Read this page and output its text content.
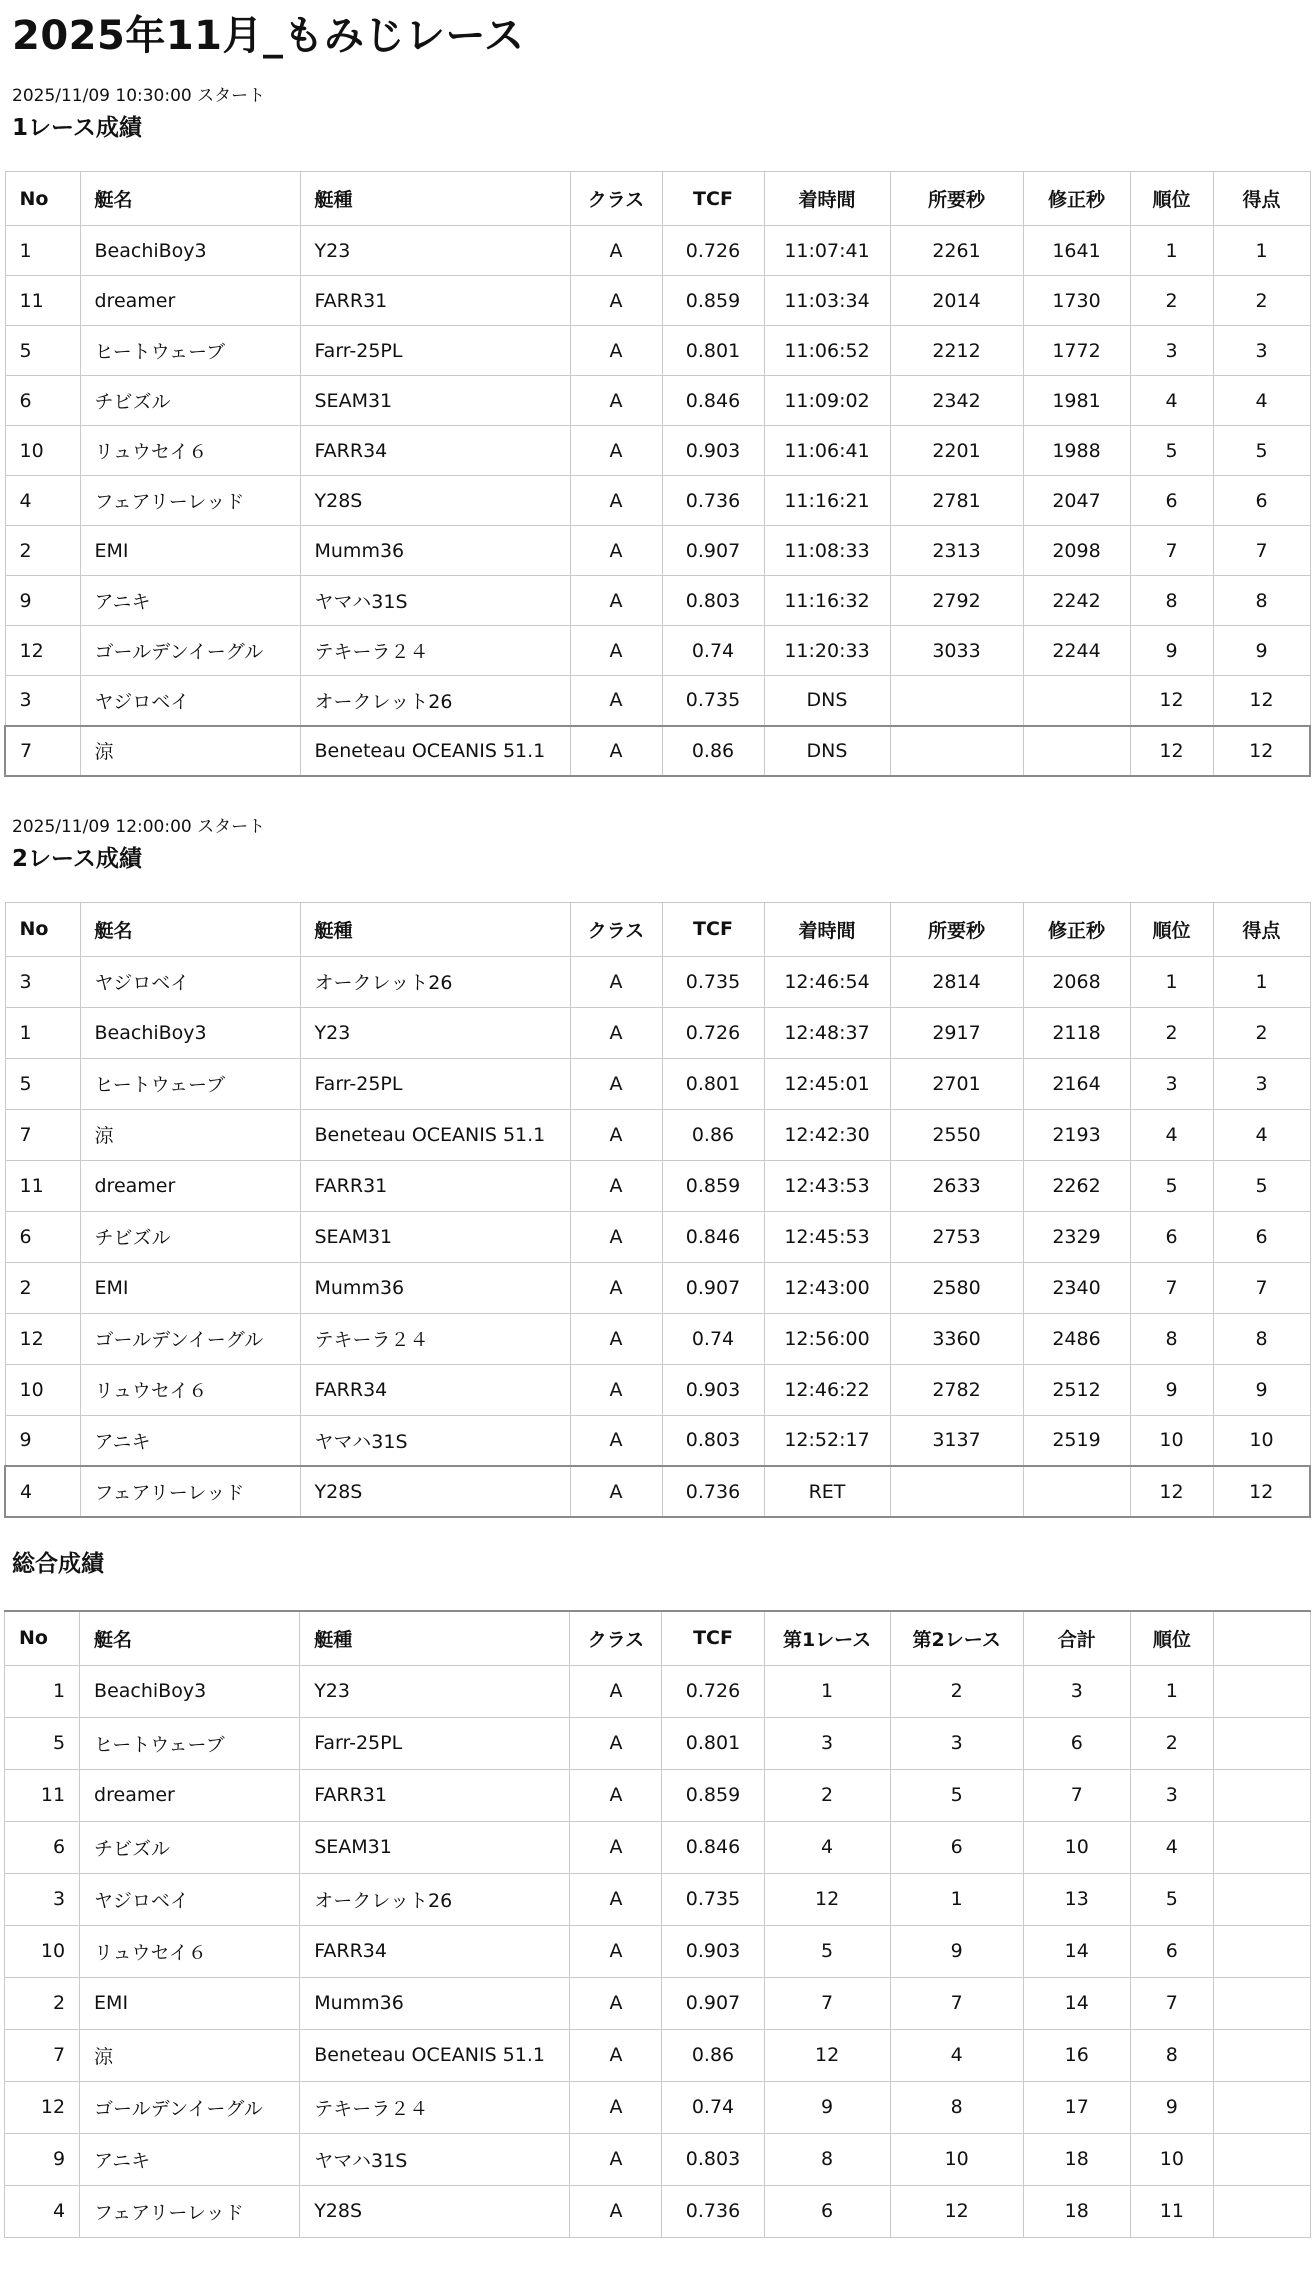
2025年11月_もみじレース
2025/11/09 10:30:00 スタート
1レース成績
No	艇名	艇種	クラス	TCF	着時間	所要秒	修正秒	順位	得点
1	BeachiBoy3	Y23	A	0.726	11:07:41	2261	1641	1	1
11	dreamer	FARR31	A	0.859	11:03:34	2014	1730	2	2
5	ヒートウェーブ	Farr-25PL	A	0.801	11:06:52	2212	1772	3	3
6	チビズル	SEAM31	A	0.846	11:09:02	2342	1981	4	4
10	リュウセイ６	FARR34	A	0.903	11:06:41	2201	1988	5	5
4	フェアリーレッド	Y28S	A	0.736	11:16:21	2781	2047	6	6
2	EMI	Mumm36	A	0.907	11:08:33	2313	2098	7	7
9	アニキ	ヤマハ31S	A	0.803	11:16:32	2792	2242	8	8
12	ゴールデンイーグル	テキーラ２４	A	0.74	11:20:33	3033	2244	9	9
3	ヤジロベイ	オークレット26	A	0.735	DNS			12	12
7	涼	Beneteau OCEANIS 51.1	A	0.86	DNS			12	12
2025/11/09 12:00:00 スタート
2レース成績
No	艇名	艇種	クラス	TCF	着時間	所要秒	修正秒	順位	得点
3	ヤジロベイ	オークレット26	A	0.735	12:46:54	2814	2068	1	1
1	BeachiBoy3	Y23	A	0.726	12:48:37	2917	2118	2	2
5	ヒートウェーブ	Farr-25PL	A	0.801	12:45:01	2701	2164	3	3
7	涼	Beneteau OCEANIS 51.1	A	0.86	12:42:30	2550	2193	4	4
11	dreamer	FARR31	A	0.859	12:43:53	2633	2262	5	5
6	チビズル	SEAM31	A	0.846	12:45:53	2753	2329	6	6
2	EMI	Mumm36	A	0.907	12:43:00	2580	2340	7	7
12	ゴールデンイーグル	テキーラ２４	A	0.74	12:56:00	3360	2486	8	8
10	リュウセイ６	FARR34	A	0.903	12:46:22	2782	2512	9	9
9	アニキ	ヤマハ31S	A	0.803	12:52:17	3137	2519	10	10
4	フェアリーレッド	Y28S	A	0.736	RET			12	12
総合成績
No	艇名	艇種	クラス	TCF	第1レース	第2レース	合計	順位	
1	BeachiBoy3	Y23	A	0.726	1	2	3	1	
5	ヒートウェーブ	Farr-25PL	A	0.801	3	3	6	2	
11	dreamer	FARR31	A	0.859	2	5	7	3	
6	チビズル	SEAM31	A	0.846	4	6	10	4	
3	ヤジロベイ	オークレット26	A	0.735	12	1	13	5	
10	リュウセイ６	FARR34	A	0.903	5	9	14	6	
2	EMI	Mumm36	A	0.907	7	7	14	7	
7	涼	Beneteau OCEANIS 51.1	A	0.86	12	4	16	8	
12	ゴールデンイーグル	テキーラ２４	A	0.74	9	8	17	9	
9	アニキ	ヤマハ31S	A	0.803	8	10	18	10	
4	フェアリーレッド	Y28S	A	0.736	6	12	18	11	
